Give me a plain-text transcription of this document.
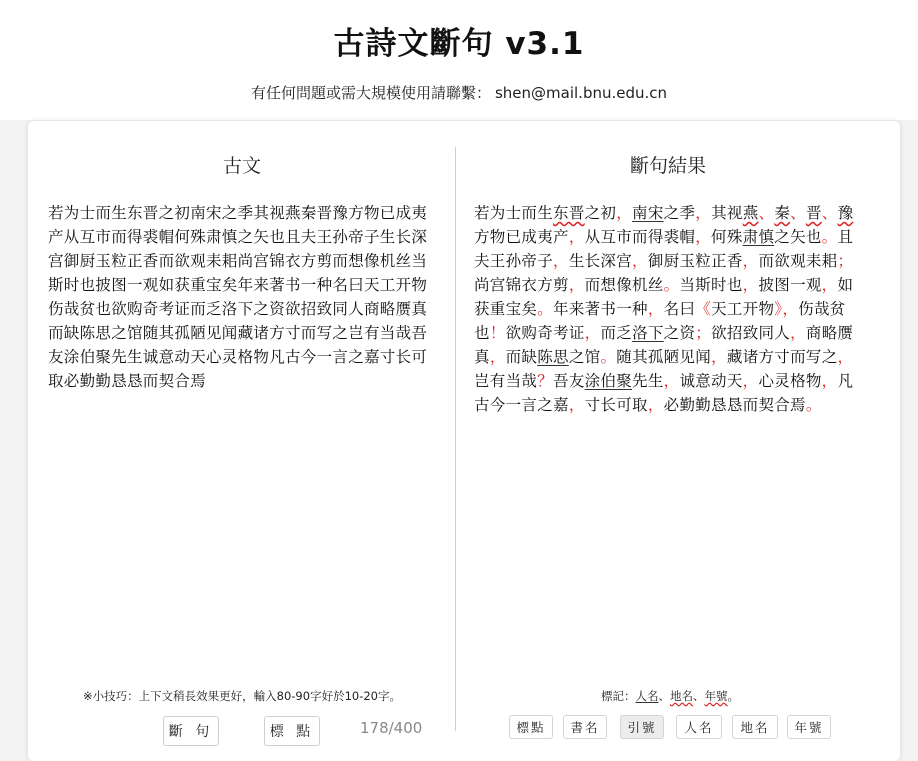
古詩文斷句 v3.1
有任何問題或需大規模使用請聯繫： shen@mail.bnu.edu.cn
古文
若为士而生东晋之初南宋之季其视燕秦晋豫方物已成夷产从互市而得裘帽何殊肃慎之矢也且夫王孙帝子生长深宫御厨玉粒正香而欲观耒耜尚宫锦衣方剪而想像机丝当斯时也披图一观如获重宝矣年来著书一种名曰天工开物伤哉贫也欲购奇考证而乏洛下之资欲招致同人商略赝真而缺陈思之馆随其孤陋见闻藏诸方寸而写之岂有当哉吾友涂伯聚先生诚意动天心灵格物凡古今一言之嘉寸长可取必勤勤恳恳而契合焉
※小技巧：上下文稍長效果更好，輸入80-90字好於10-20字。
斷 句	標 點	178/400
斷句結果
若为士而生东晋之初，南宋之季，其视燕、秦、晋、豫方物已成夷产，从互市而得裘帽，何殊肃慎之矢也。且夫王孙帝子，生长深宫，御厨玉粒正香，而欲观耒耜；尚宫锦衣方剪，而想像机丝。当斯时也，披图一观，如获重宝矣。年来著书一种，名曰《天工开物》，伤哉贫也！欲购奇考证，而乏洛下之资；欲招致同人，商略赝真，而缺陈思之馆。随其孤陋见闻，藏诸方寸而写之，岂有当哉？吾友涂伯聚先生，诚意动天，心灵格物，凡古今一言之嘉，寸长可取，必勤勤恳恳而契合焉。
標記：人名、地名、年號。
標點	書名	引號	人名	地名	年號
